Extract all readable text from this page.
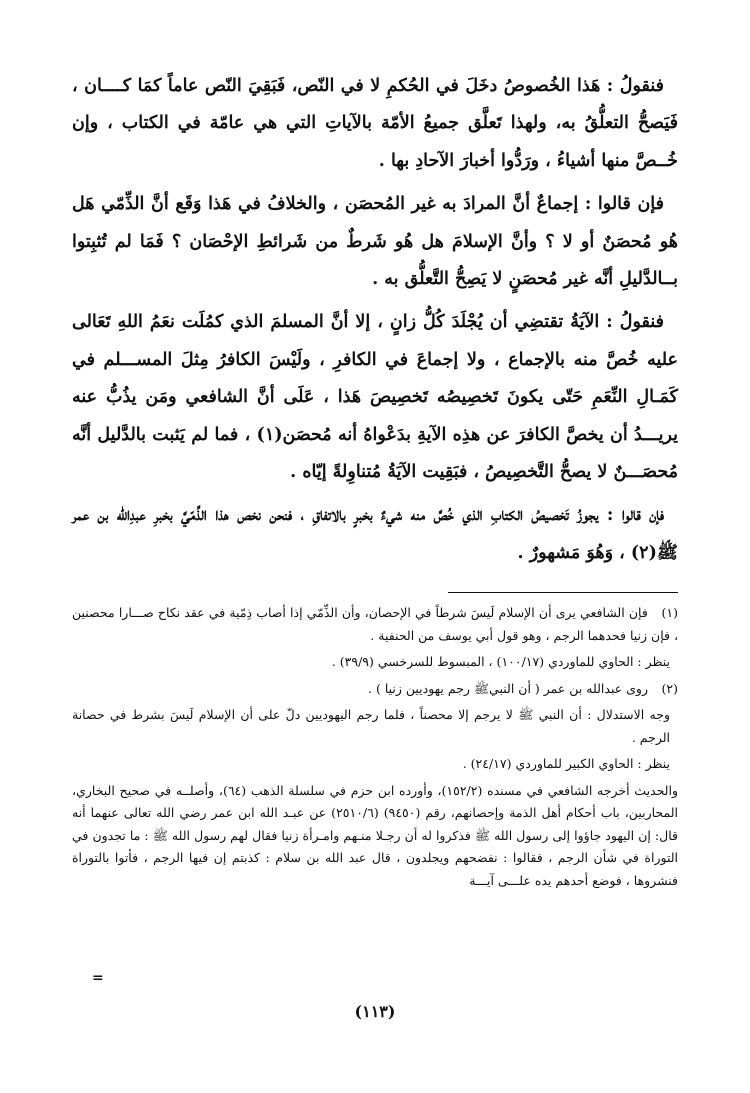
فنقولُ : هَذا الخُصوصُ دخَلَ في الحُكمِ لا في النّص، فَبَقِيَ النّص عاماً كمَا كــــان ، فَيَصحُّ التعلُّقُ به، ولهذا تَعلَّق جميعُ الأمّة بالآياتِ التي هي عامّة في الكتاب ، وإن خُــصَّ منها أشياءُ ، ورَدُّوا أخبارَ الآحادِ بها .

فإن قالوا : إجماعٌ أنَّ المرادَ به غير المُحصَن ، والخلافُ في هَذا وَقَع أنَّ الذِّمّي هَل هُو مُحصَنٌ أو لا ؟ وأنَّ الإسلامَ هل هُو شَرطٌ من شَرائطِ الإحْصَان ؟ فَمَا لم تُثبِتوا بــالدَّليلِ أنَّه غير مُحصَنٍ لا يَصِحُّ التَّعلُّق به .

فنقولُ : الآيَةُ تقتضِي أن يُجْلَدَ كُلُّ زانٍ ، إلا أنَّ المسلمَ الذي كمُلَت نعَمُ اللهِ تَعَالى عليه خُصَّ منه بالإجماع ، ولا إجماعَ في الكافرِ ، ولَيْسَ الكافرُ مِثلَ المســـلم في كَمَـالِ النِّعَمِ حَتّى يكونَ تَخصِيصُه تَخصِيصَ هَذا ، عَلَى أنَّ الشافعي ومَن يذُبُّ عنه يريـــدُ أن يخصَّ الكافرَ عن هذِه الآيةِ بدَعْواهُ أنه مُحصَن(١) ، فما لم يَثبت بالدَّليل أنَّه مُحصَـــنٌ لا يصحُّ التَّخصِيصُ ، فبَقِيت الآيَةُ مُتناوِلةً إيّاه .

فإن قالوا : يجوزُ تَخصيصُ الكتابِ الذي خُصَّ منه شيءٌ بخبرٍ بالاتفاقِ ، فنحن نخص هذا الذِّمّيَّ بخبرِ عبدِالله بن عمر ﷺ(٢) ، وَهُوَ مَشهورٌ .

(١) فإن الشافعي يرى أن الإسلام لَيسَ شرطاً في الإحصان، وأن الذِّمّي إذا أصاب ذِمّية في عقد نكاح صـــارا محصنين ، فإن زنيا فحدهما الرجم ، وهو قول أبي يوسف من الحنفية .

ينظر : الحاوي للماوردي (١٠٠/١٧) ، المبسوط للسرخسي (٣٩/٩) .

(٢) روى عبدالله بن عمر ( أن النبيﷺ رجم يهوديين زنيا ) .

وجه الاستدلال : أن النبي ﷺ لا يرجم إلا محصناً ، فلما رجم اليهوديين دلّ على أن الإسلام لَيسَ بشرط في حصانة الرجم .

ينظر : الحاوي الكبير للماوردي (٢٤/١٧) .

والحديث أخرجه الشافعي في مسنده (١٥٢/٢)، وأورده ابن حزم في سلسلة الذهب (٦٤)، وأصلــه في صحيح البخاري، المحاربين، باب أحكام أهل الذمة وإحصانهم، رقم (٩٤٥٠) (٢٥١٠/٦) عن عبـد الله ابن عمر رضي الله تعالى عنهما أنه قال: إن اليهود جاؤوا إلى رسول الله ﷺ فذكروا له أن رجـلا منـهم وامـرأة زنيا فقال لهم رسول الله ﷺ : ما تجدون في التوراة في شأن الرجم ، فقالوا : نفضحهم ويجلدون ، قال عبد الله بن سلام : كذبتم إن فيها الرجم ، فأتوا بالتوراة فنشروها ، فوضع أحدهم يده علـــى آيـــة

=
(١١٣)
